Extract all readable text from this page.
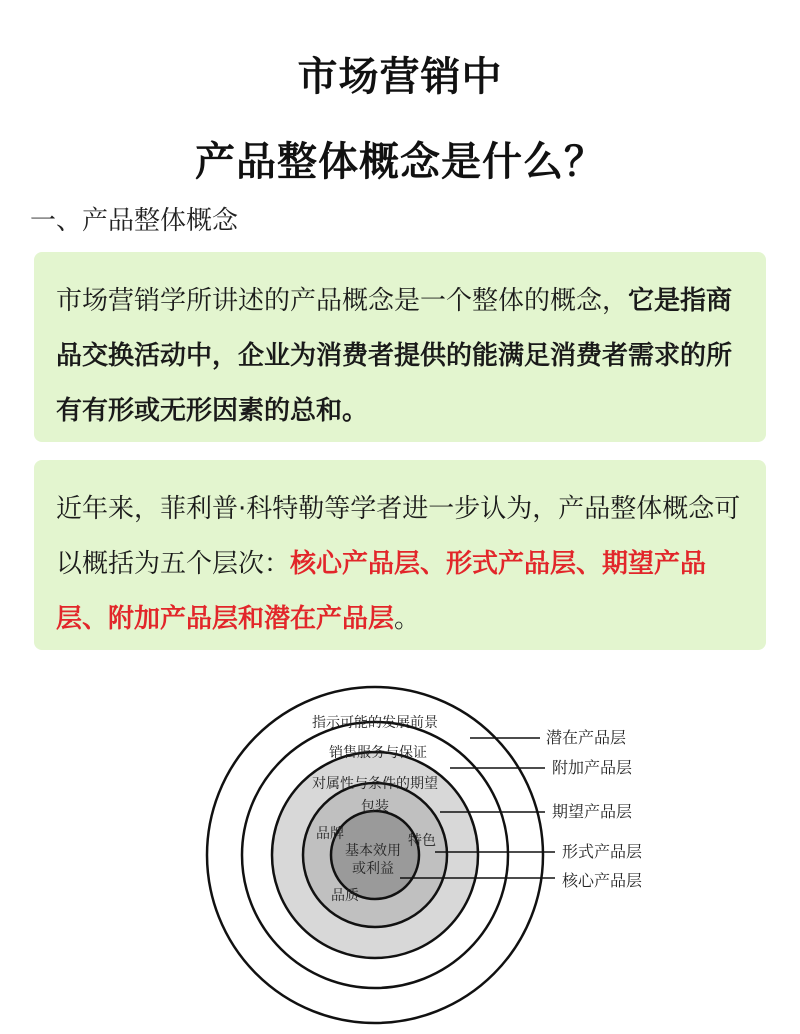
市场营销中
产品整体概念是什么？
一、产品整体概念
市场营销学所讲述的产品概念是一个整体的概念，它是指商品交换活动中，企业为消费者提供的能满足消费者需求的所有有形或无形因素的总和。
近年来，菲利普·科特勒等学者进一步认为，产品整体概念可以概括为五个层次：核心产品层、形式产品层、期望产品层、附加产品层和潜在产品层。
指示可能的发展前景
销售服务与保证
对属性与条件的期望
包装
品牌	特色
品质
基本效用
或利益
潜在产品层
附加产品层
期望产品层
形式产品层
核心产品层
